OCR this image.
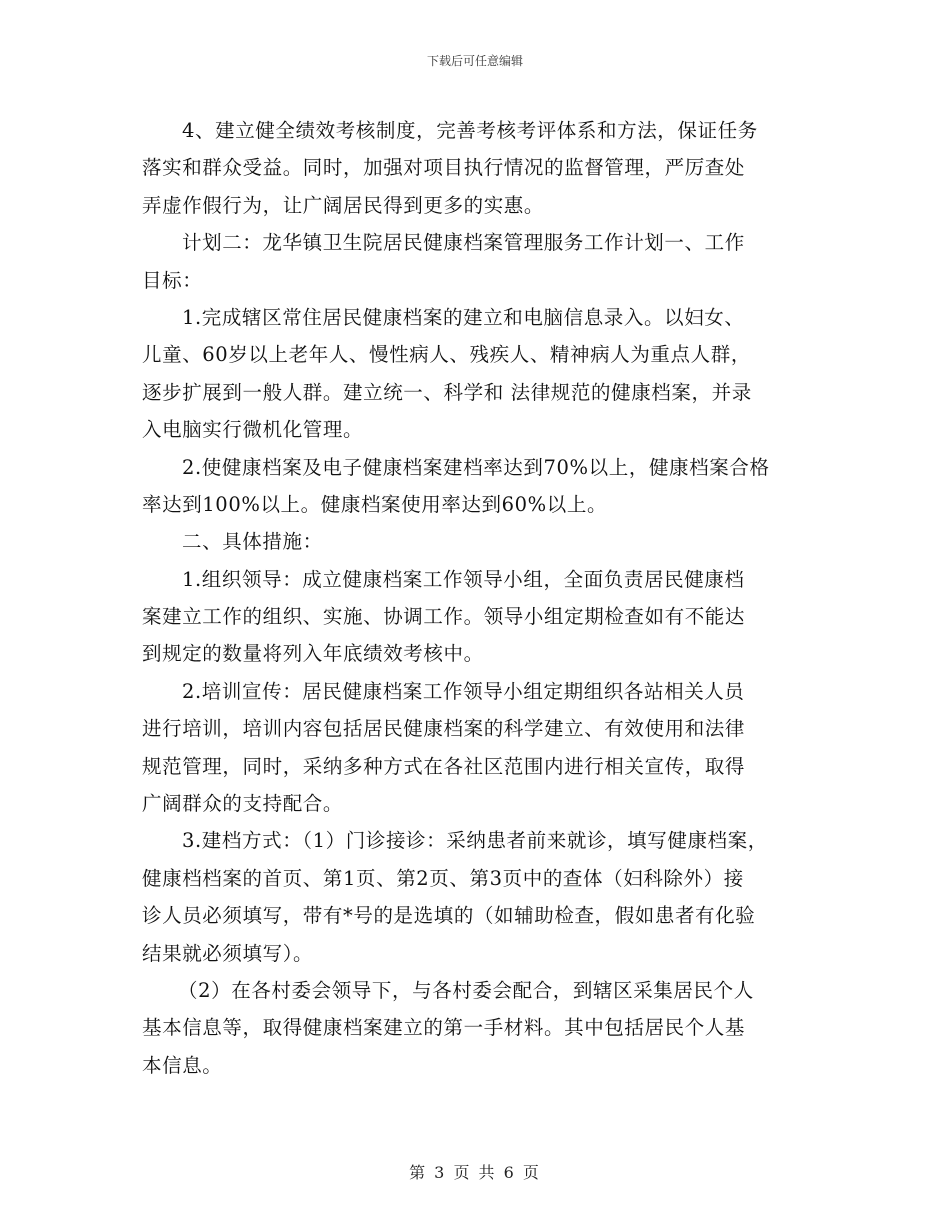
下载后可任意编辑
4、建立健全绩效考核制度，完善考核考评体系和方法，保证任务
落实和群众受益。同时，加强对项目执行情况的监督管理，严厉查处
弄虚作假行为，让广阔居民得到更多的实惠。
计划二：龙华镇卫生院居民健康档案管理服务工作计划一、工作
目标：
1.完成辖区常住居民健康档案的建立和电脑信息录入。以妇女、
儿童、60岁以上老年人、慢性病人、残疾人、精神病人为重点人群，
逐步扩展到一般人群。建立统一、科学和 法律规范的健康档案，并录
入电脑实行微机化管理。
2.使健康档案及电子健康档案建档率达到70%以上，健康档案合格
率达到100%以上。健康档案使用率达到60%以上。
二、具体措施：
1.组织领导：成立健康档案工作领导小组，全面负责居民健康档
案建立工作的组织、实施、协调工作。领导小组定期检查如有不能达
到规定的数量将列入年底绩效考核中。
2.培训宣传：居民健康档案工作领导小组定期组织各站相关人员
进行培训，培训内容包括居民健康档案的科学建立、有效使用和法律
规范管理，同时，采纳多种方式在各社区范围内进行相关宣传，取得
广阔群众的支持配合。
3.建档方式：（1）门诊接诊：采纳患者前来就诊，填写健康档案，
健康档档案的首页、第1页、第2页、第3页中的查体（妇科除外）接
诊人员必须填写，带有*号的是选填的（如辅助检查，假如患者有化验
结果就必须填写）。
（2）在各村委会领导下，与各村委会配合，到辖区采集居民个人
基本信息等，取得健康档案建立的第一手材料。其中包括居民个人基
本信息。
第 3 页 共 6 页
